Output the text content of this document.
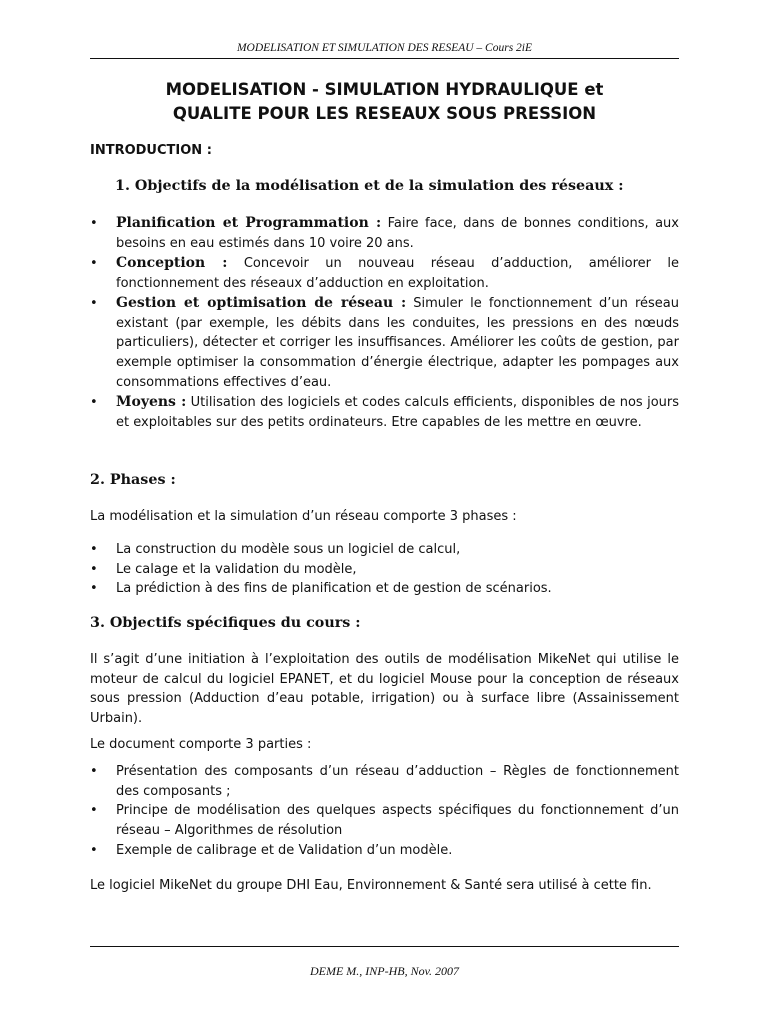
MODELISATION ET SIMULATION DES RESEAU – Cours 2iE
MODELISATION - SIMULATION HYDRAULIQUE et
QUALITE POUR LES RESEAUX SOUS PRESSION

INTRODUCTION :

1. Objectifs de la modélisation et de la simulation des réseaux :
• Planification et Programmation : Faire face, dans de bonnes conditions, aux besoins en eau estimés dans 10 voire 20 ans.
• Conception : Concevoir un nouveau réseau d’adduction, améliorer le fonctionnement des réseaux d’adduction en exploitation.
• Gestion et optimisation de réseau : Simuler le fonctionnement d’un réseau existant (par exemple, les débits dans les conduites, les pressions en des nœuds particuliers), détecter et corriger les insuffisances. Améliorer les coûts de gestion, par exemple optimiser la consommation d’énergie électrique, adapter les pompages aux consommations effectives d’eau.
• Moyens : Utilisation des logiciels et codes calculs efficients, disponibles de nos jours et exploitables sur des petits ordinateurs. Etre capables de les mettre en œuvre.
2. Phases :

La modélisation et la simulation d’un réseau comporte 3 phases :

• La construction du modèle sous un logiciel de calcul,
• Le calage et la validation du modèle,
• La prédiction à des fins de planification et de gestion de scénarios.
3. Objectifs spécifiques du cours :

Il s’agit d’une initiation à l’exploitation des outils de modélisation MikeNet qui utilise le moteur de calcul du logiciel EPANET, et du logiciel Mouse pour la conception de réseaux sous pression (Adduction d’eau potable, irrigation) ou à surface libre (Assainissement Urbain).

Le document comporte 3 parties :

• Présentation des composants d’un réseau d’adduction – Règles de fonctionnement des composants ;
• Principe de modélisation des quelques aspects spécifiques du fonctionnement d’un réseau – Algorithmes de résolution
• Exemple de calibrage et de Validation d’un modèle.

Le logiciel MikeNet du groupe DHI Eau, Environnement & Santé sera utilisé à cette fin.

DEME M., INP-HB, Nov. 2007
